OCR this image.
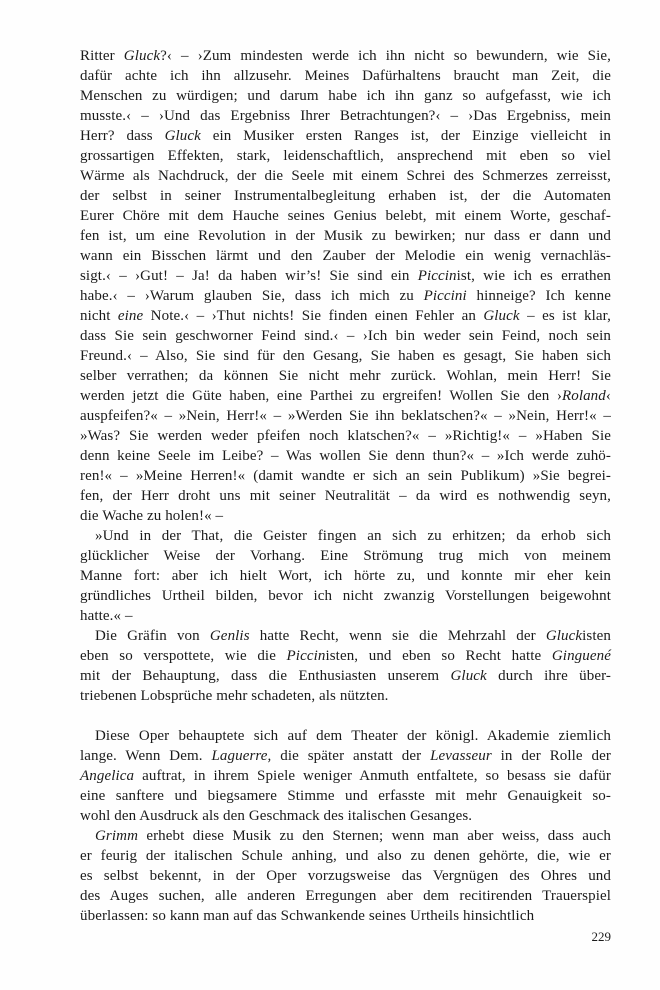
Ritter Gluck?‹ – ›Zum mindesten werde ich ihn nicht so bewundern, wie Sie,
dafür achte ich ihn allzusehr. Meines Dafürhaltens braucht man Zeit, die
Menschen zu würdigen; und darum habe ich ihn ganz so aufgefasst, wie ich
musste.‹ – ›Und das Ergebniss Ihrer Betrachtungen?‹ – ›Das Ergebniss, mein
Herr? dass Gluck ein Musiker ersten Ranges ist, der Einzige vielleicht in
grossartigen Effekten, stark, leidenschaftlich, ansprechend mit eben so viel
Wärme als Nachdruck, der die Seele mit einem Schrei des Schmerzes zerreisst,
der selbst in seiner Instrumentalbegleitung erhaben ist, der die Automaten
Eurer Chöre mit dem Hauche seines Genius belebt, mit einem Worte, geschaf-
fen ist, um eine Revolution in der Musik zu bewirken; nur dass er dann und
wann ein Bisschen lärmt und den Zauber der Melodie ein wenig vernachläs-
sigt.‹ – ›Gut! – Ja! da haben wir’s! Sie sind ein Piccinist, wie ich es errathen
habe.‹ – ›Warum glauben Sie, dass ich mich zu Piccini hinneige? Ich kenne
nicht eine Note.‹ – ›Thut nichts! Sie finden einen Fehler an Gluck – es ist klar,
dass Sie sein geschworner Feind sind.‹ – ›Ich bin weder sein Feind, noch sein
Freund.‹ – Also, Sie sind für den Gesang, Sie haben es gesagt, Sie haben sich
selber verrathen; da können Sie nicht mehr zurück. Wohlan, mein Herr! Sie
werden jetzt die Güte haben, eine Parthei zu ergreifen! Wollen Sie den ›Roland‹
auspfeifen?« – »Nein, Herr!« – »Werden Sie ihn beklatschen?« – »Nein, Herr!« –
»Was? Sie werden weder pfeifen noch klatschen?« – »Richtig!« – »Haben Sie
denn keine Seele im Leibe? – Was wollen Sie denn thun?« – »Ich werde zuhö-
ren!« – »Meine Herren!« (damit wandte er sich an sein Publikum) »Sie begrei-
fen, der Herr droht uns mit seiner Neutralität – da wird es nothwendig seyn,
die Wache zu holen!« –
»Und in der That, die Geister fingen an sich zu erhitzen; da erhob sich
glücklicher Weise der Vorhang. Eine Strömung trug mich von meinem
Manne fort: aber ich hielt Wort, ich hörte zu, und konnte mir eher kein
gründliches Urtheil bilden, bevor ich nicht zwanzig Vorstellungen beigewohnt
hatte.« –
Die Gräfin von Genlis hatte Recht, wenn sie die Mehrzahl der Gluckisten
eben so verspottete, wie die Piccinisten, und eben so Recht hatte Ginguené
mit der Behauptung, dass die Enthusiasten unserem Gluck durch ihre über-
triebenen Lobsprüche mehr schadeten, als nützten.
Diese Oper behauptete sich auf dem Theater der königl. Akademie ziemlich
lange. Wenn Dem. Laguerre, die später anstatt der Levasseur in der Rolle der
Angelica auftrat, in ihrem Spiele weniger Anmuth entfaltete, so besass sie dafür
eine sanftere und biegsamere Stimme und erfasste mit mehr Genauigkeit so-
wohl den Ausdruck als den Geschmack des italischen Gesanges.
Grimm erhebt diese Musik zu den Sternen; wenn man aber weiss, dass auch
er feurig der italischen Schule anhing, und also zu denen gehörte, die, wie er
es selbst bekennt, in der Oper vorzugsweise das Vergnügen des Ohres und
des Auges suchen, alle anderen Erregungen aber dem recitirenden Trauerspiel
überlassen: so kann man auf das Schwankende seines Urtheils hinsichtlich
229
